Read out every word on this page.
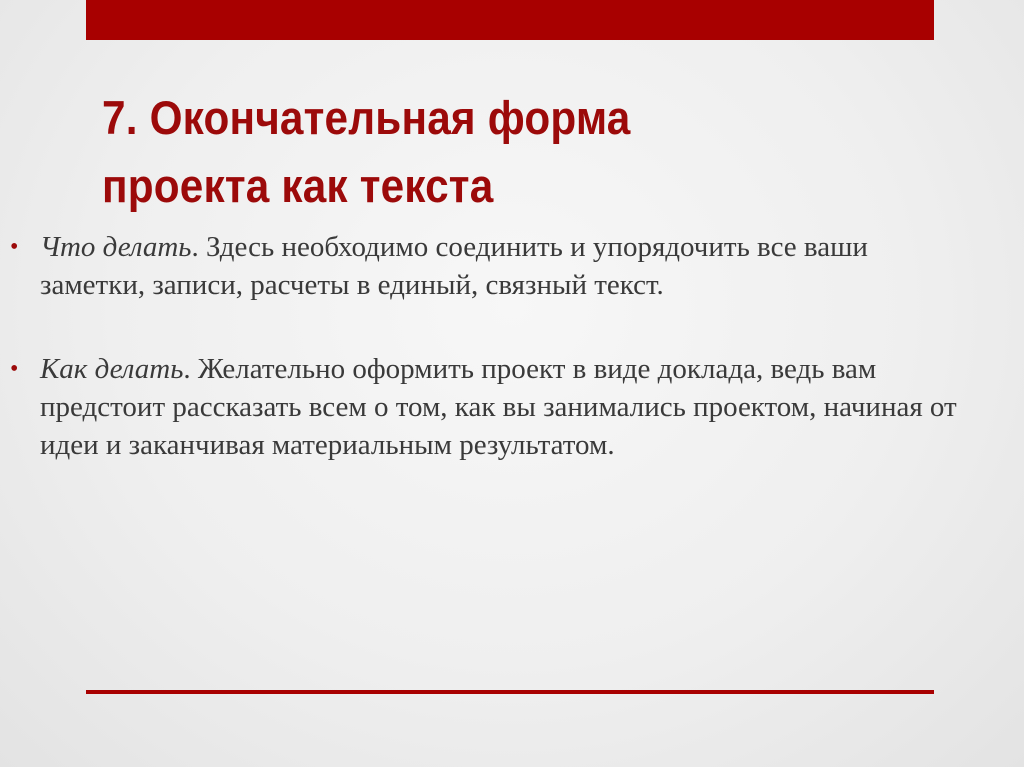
7. Окончательная форма
проекта как текста
• Что делать. Здесь необходимо соединить и упорядочить все ваши заметки, записи, расчеты в единый, связный текст.
• Как делать. Желательно оформить проект в виде доклада, ведь вам предстоит рассказать всем о том, как вы занимались проектом, начиная от идеи и заканчивая материальным результатом.
